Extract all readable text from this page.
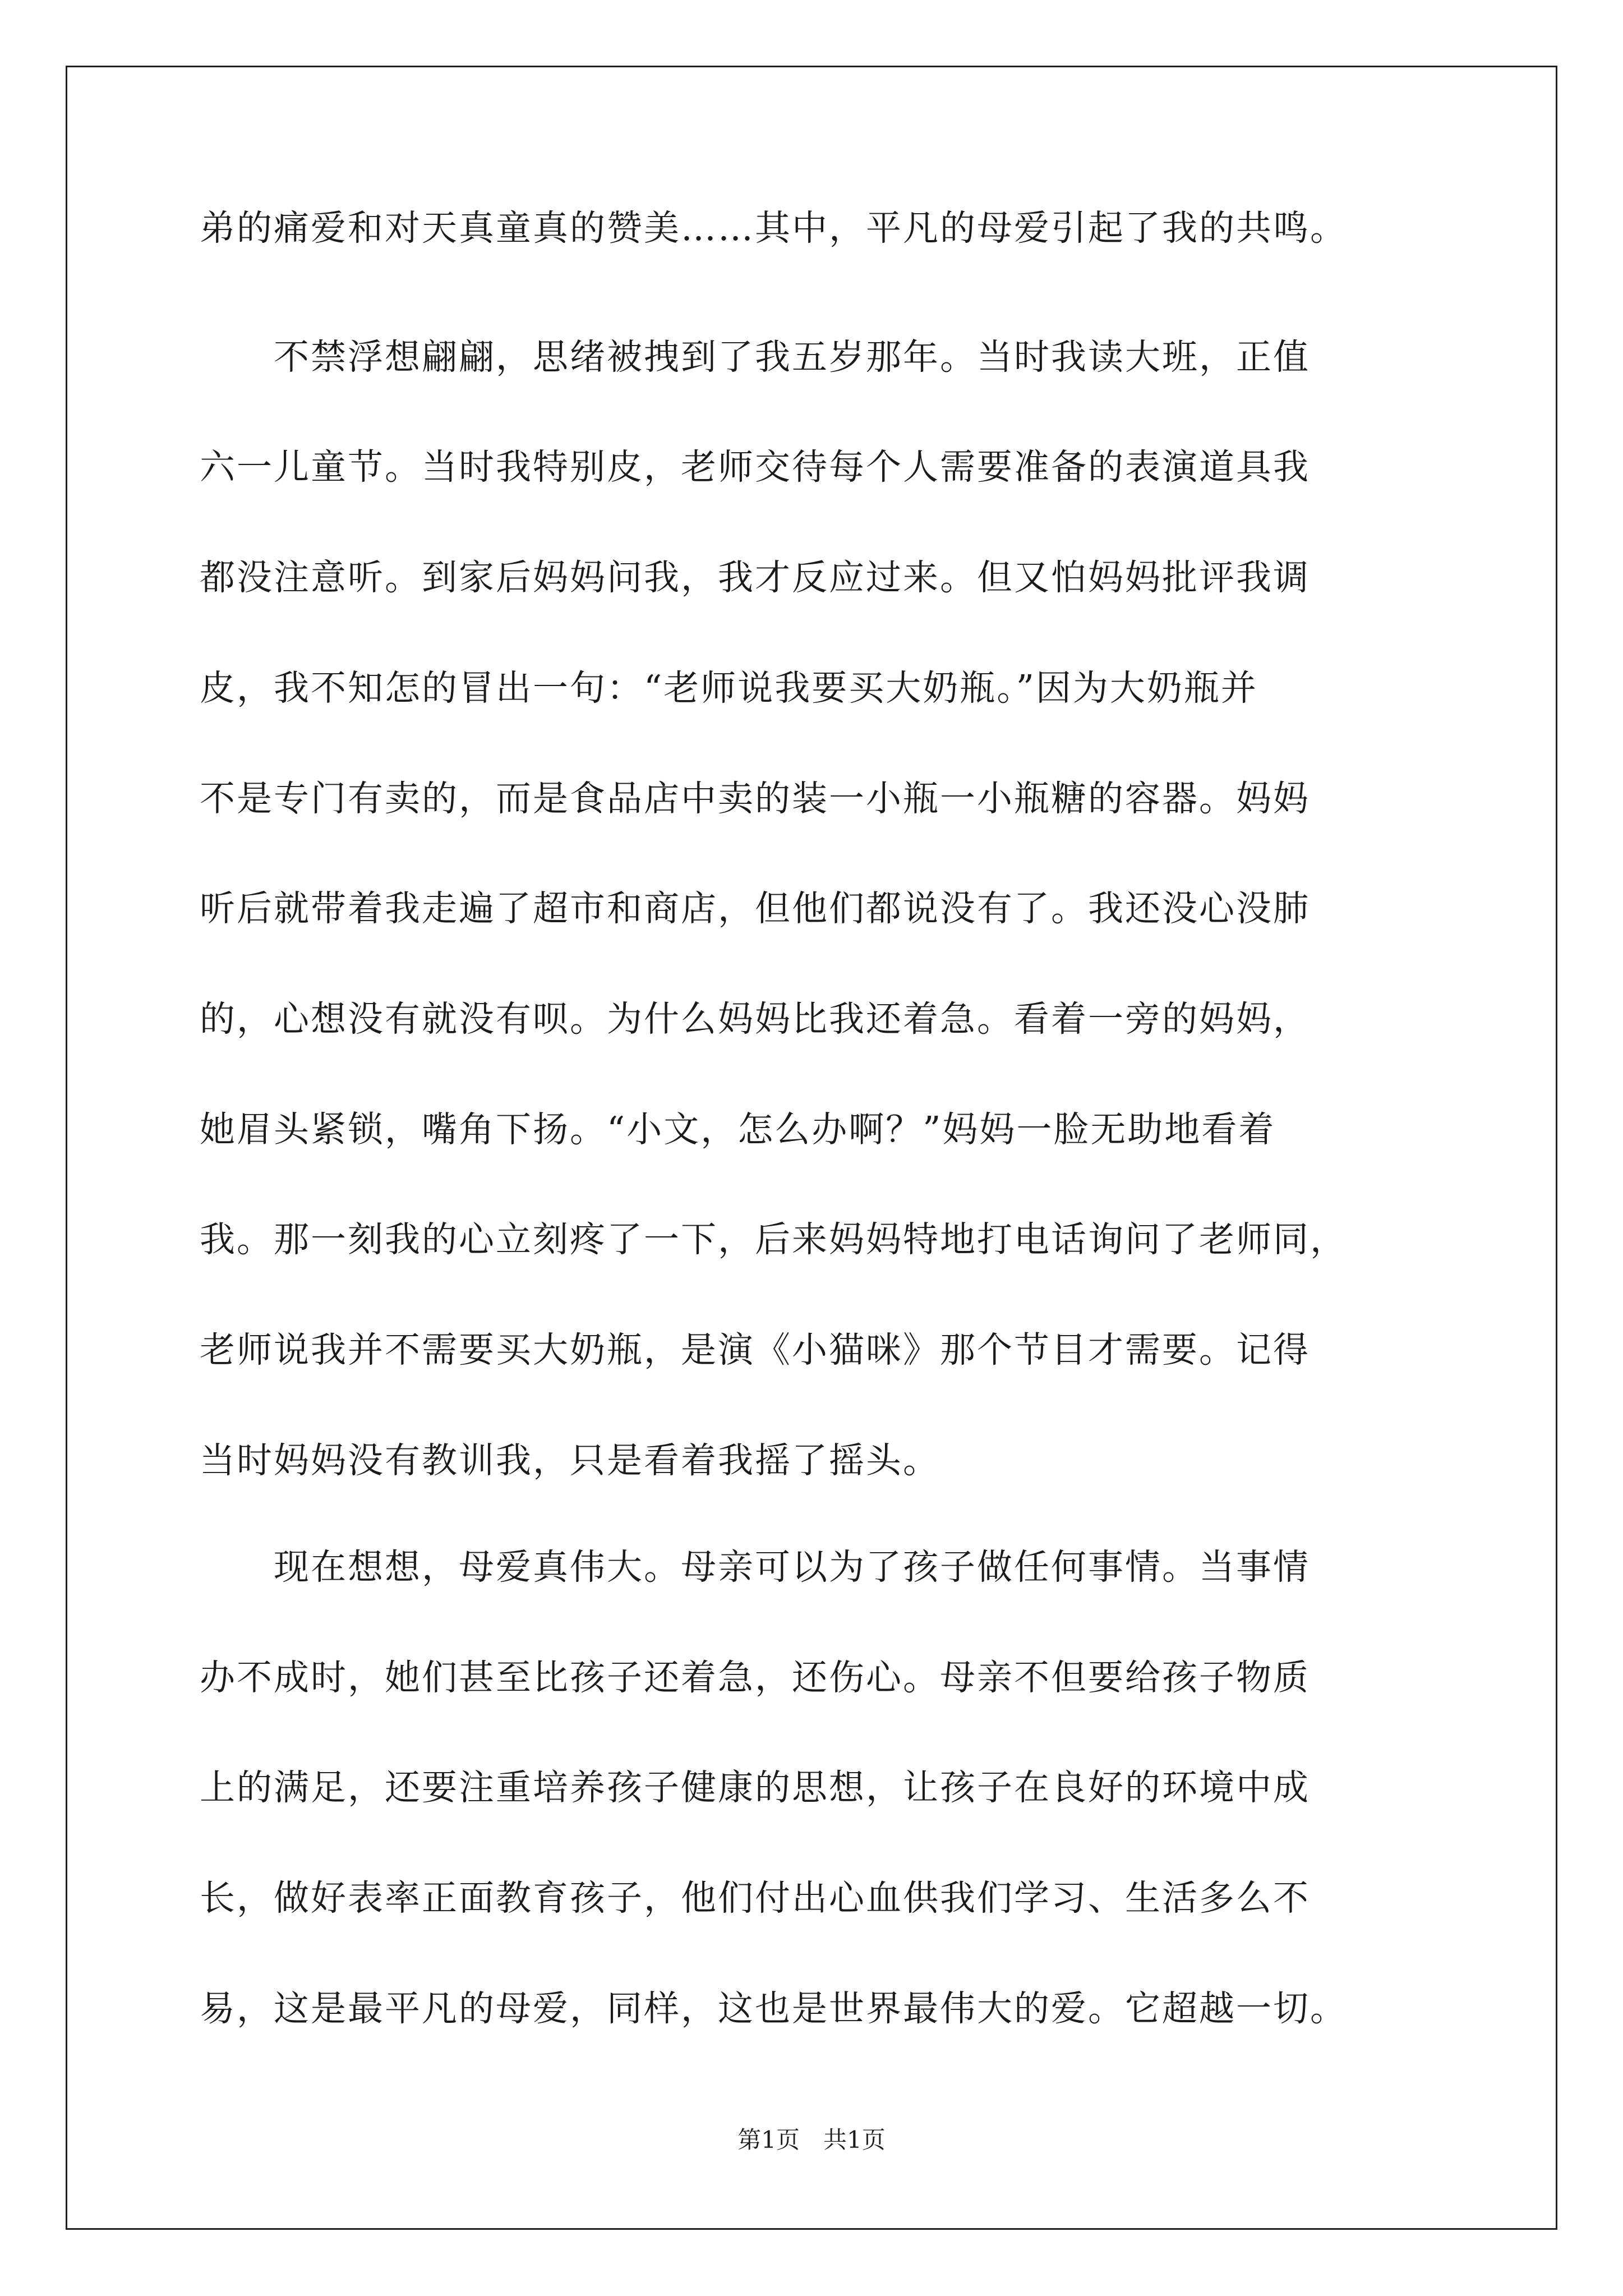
弟的痛爱和对天真童真的赞美……其中，平凡的母爱引起了我的共鸣。
　　不禁浮想翩翩，思绪被拽到了我五岁那年。当时我读大班，正值
六一儿童节。当时我特别皮，老师交待每个人需要准备的表演道具我
都没注意听。到家后妈妈问我，我才反应过来。但又怕妈妈批评我调
皮，我不知怎的冒出一句：“老师说我要买大奶瓶。”因为大奶瓶并
不是专门有卖的，而是食品店中卖的装一小瓶一小瓶糖的容器。妈妈
听后就带着我走遍了超市和商店，但他们都说没有了。我还没心没肺
的，心想没有就没有呗。为什么妈妈比我还着急。看着一旁的妈妈，
她眉头紧锁，嘴角下扬。“小文，怎么办啊？”妈妈一脸无助地看着
我。那一刻我的心立刻疼了一下，后来妈妈特地打电话询问了老师同，
老师说我并不需要买大奶瓶，是演《小猫咪》那个节目才需要。记得
当时妈妈没有教训我，只是看着我摇了摇头。
　　现在想想，母爱真伟大。母亲可以为了孩子做任何事情。当事情
办不成时，她们甚至比孩子还着急，还伤心。母亲不但要给孩子物质
上的满足，还要注重培养孩子健康的思想，让孩子在良好的环境中成
长，做好表率正面教育孩子，他们付出心血供我们学习、生活多么不
易，这是最平凡的母爱，同样，这也是世界最伟大的爱。它超越一切。
第1页　共1页
